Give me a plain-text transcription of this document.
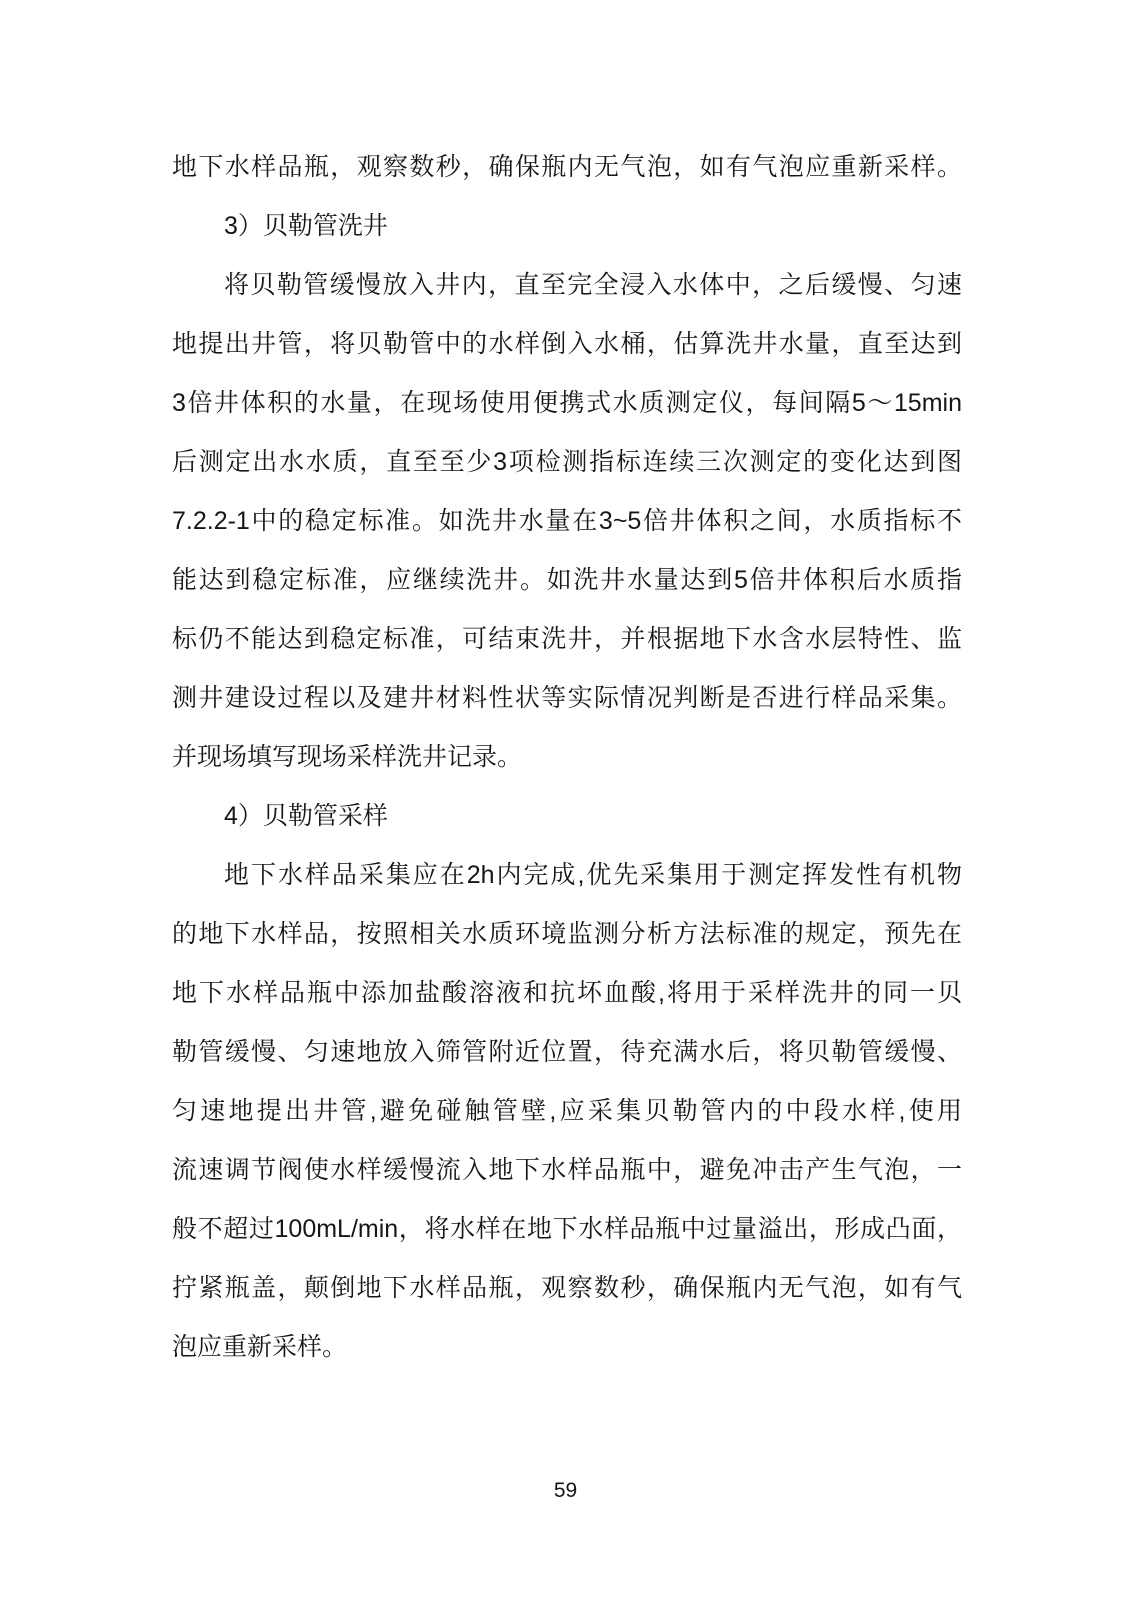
地下水样品瓶，观察数秒，确保瓶内无气泡，如有气泡应重新采样。
3）贝勒管洗井
将贝勒管缓慢放入井内，直至完全浸入水体中，之后缓慢、匀速
地提出井管，将贝勒管中的水样倒入水桶，估算洗井水量，直至达到
3倍井体积的水量，在现场使用便携式水质测定仪，每间隔5～15min
后测定出水水质，直至至少3项检测指标连续三次测定的变化达到图
7.2.2-1中的稳定标准。如洗井水量在3~5倍井体积之间，水质指标不
能达到稳定标准，应继续洗井。如洗井水量达到5倍井体积后水质指
标仍不能达到稳定标准，可结束洗井，并根据地下水含水层特性、监
测井建设过程以及建井材料性状等实际情况判断是否进行样品采集。
并现场填写现场采样洗井记录。
4）贝勒管采样
地下水样品采集应在2h内完成,优先采集用于测定挥发性有机物
的地下水样品，按照相关水质环境监测分析方法标准的规定，预先在
地下水样品瓶中添加盐酸溶液和抗坏血酸,将用于采样洗井的同一贝
勒管缓慢、匀速地放入筛管附近位置，待充满水后，将贝勒管缓慢、
匀速地提出井管,避免碰触管壁,应采集贝勒管内的中段水样,使用
流速调节阀使水样缓慢流入地下水样品瓶中，避免冲击产生气泡，一
般不超过100mL/min，将水样在地下水样品瓶中过量溢出，形成凸面，
拧紧瓶盖，颠倒地下水样品瓶，观察数秒，确保瓶内无气泡，如有气
泡应重新采样。
59
